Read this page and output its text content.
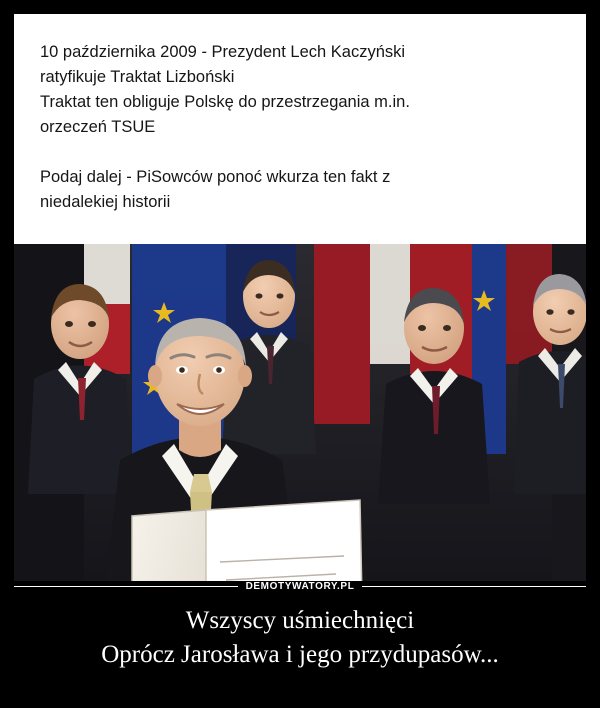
10 października 2009 - Prezydent Lech Kaczyński
ratyfikuje Traktat Lizboński
Traktat ten obliguje Polskę do przestrzegania m.in.
orzeczeń TSUE
Podaj dalej - PiSowców ponoć wkurza ten fakt z
niedalekiej historii
DEMOTYWATORY.PL
Wszyscy uśmiechnięci
Oprócz Jarosława i jego przydupasów...
